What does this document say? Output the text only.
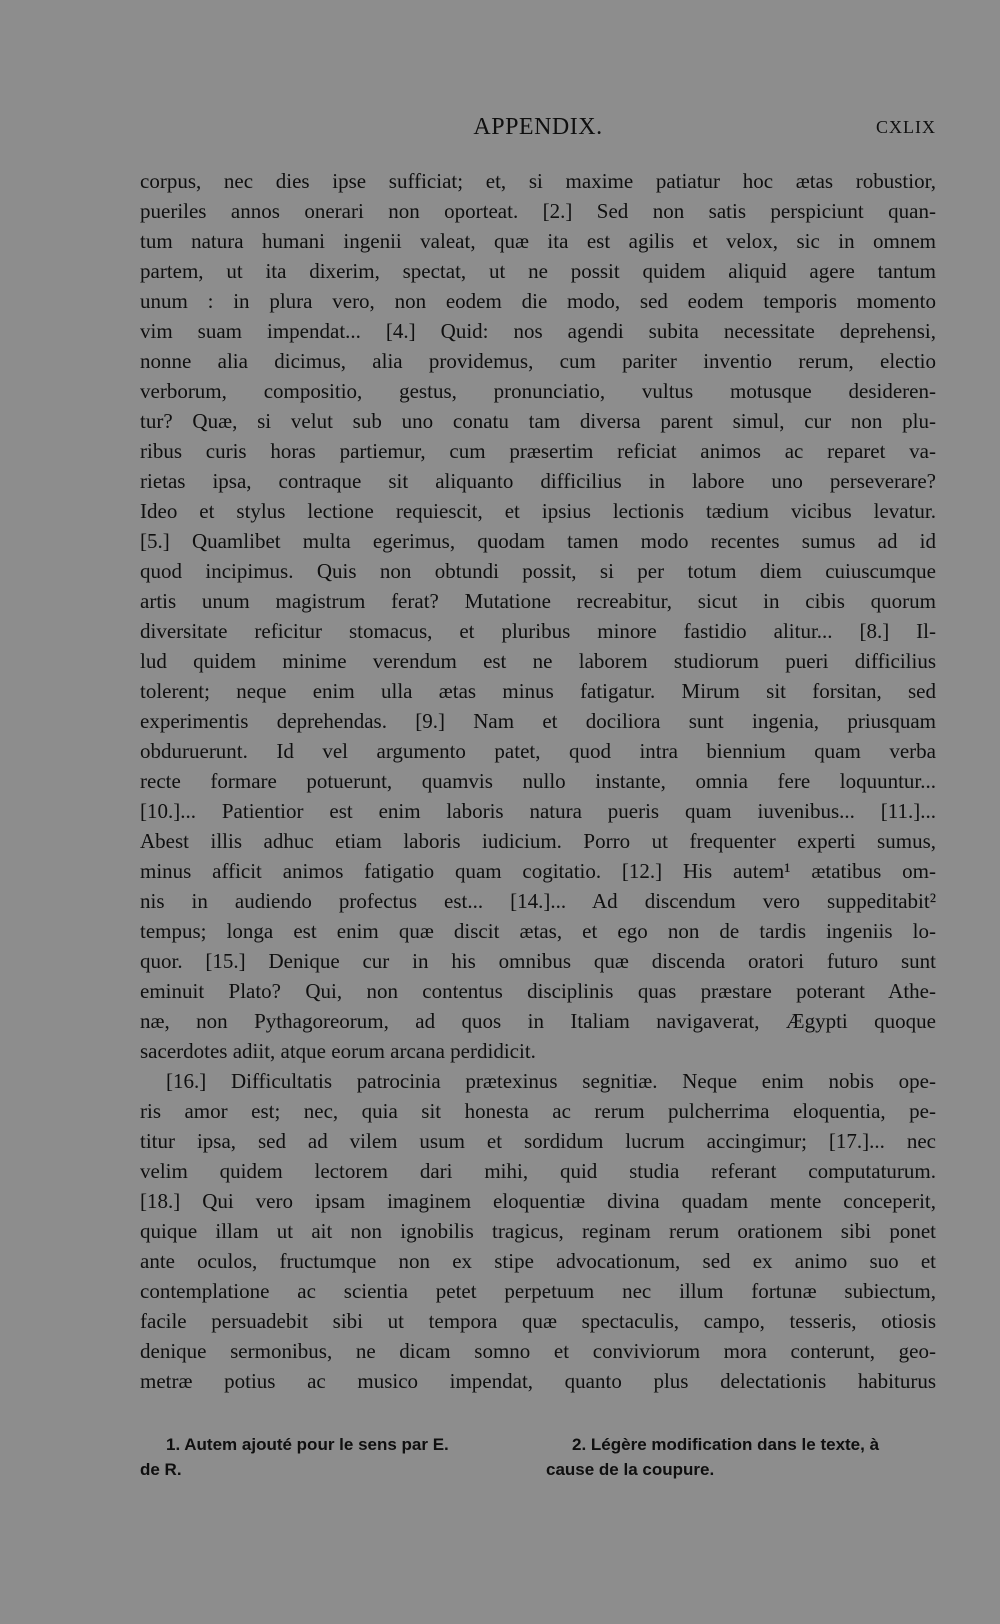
APPENDIX.	CXLIX
corpus, nec dies ipse sufficiat; et, si maxime patiatur hoc ætas robustior,
pueriles annos onerari non oporteat. [2.] Sed non satis perspiciunt quan-
tum natura humani ingenii valeat, quæ ita est agilis et velox, sic in omnem
partem, ut ita dixerim, spectat, ut ne possit quidem aliquid agere tantum
unum : in plura vero, non eodem die modo, sed eodem temporis momento
vim suam impendat... [4.] Quid: nos agendi subita necessitate deprehensi,
nonne alia dicimus, alia providemus, cum pariter inventio rerum, electio
verborum, compositio, gestus, pronunciatio, vultus motusque desideren-
tur? Quæ, si velut sub uno conatu tam diversa parent simul, cur non plu-
ribus curis horas partiemur, cum præsertim reficiat animos ac reparet va-
rietas ipsa, contraque sit aliquanto difficilius in labore uno perseverare?
Ideo et stylus lectione requiescit, et ipsius lectionis tædium vicibus levatur.
[5.] Quamlibet multa egerimus, quodam tamen modo recentes sumus ad id
quod incipimus. Quis non obtundi possit, si per totum diem cuiuscumque
artis unum magistrum ferat? Mutatione recreabitur, sicut in cibis quorum
diversitate reficitur stomacus, et pluribus minore fastidio alitur... [8.] Il-
lud quidem minime verendum est ne laborem studiorum pueri difficilius
tolerent; neque enim ulla ætas minus fatigatur. Mirum sit forsitan, sed
experimentis deprehendas. [9.] Nam et dociliora sunt ingenia, priusquam
obduruerunt. Id vel argumento patet, quod intra biennium quam verba
recte formare potuerunt, quamvis nullo instante, omnia fere loquuntur...
[10.]... Patientior est enim laboris natura pueris quam iuvenibus... [11.]...
Abest illis adhuc etiam laboris iudicium. Porro ut frequenter experti sumus,
minus afficit animos fatigatio quam cogitatio. [12.] His autem¹ ætatibus om-
nis in audiendo profectus est... [14.]... Ad discendum vero suppeditabit²
tempus; longa est enim quæ discit ætas, et ego non de tardis ingeniis lo-
quor. [15.] Denique cur in his omnibus quæ discenda oratori futuro sunt
eminuit Plato? Qui, non contentus disciplinis quas præstare poterant Athe-
næ, non Pythagoreorum, ad quos in Italiam navigaverat, Ægypti quoque
sacerdotes adiit, atque eorum arcana perdidicit.
[16.] Difficultatis patrocinia prætexinus segnitiæ. Neque enim nobis ope-
ris amor est; nec, quia sit honesta ac rerum pulcherrima eloquentia, pe-
titur ipsa, sed ad vilem usum et sordidum lucrum accingimur; [17.]... nec
velim quidem lectorem dari mihi, quid studia referant computaturum.
[18.] Qui vero ipsam imaginem eloquentiæ divina quadam mente conceperit,
quique illam ut ait non ignobilis tragicus, reginam rerum orationem sibi ponet
ante oculos, fructumque non ex stipe advocationum, sed ex animo suo et
contemplatione ac scientia petet perpetuum nec illum fortunæ subiectum,
facile persuadebit sibi ut tempora quæ spectaculis, campo, tesseris, otiosis
denique sermonibus, ne dicam somno et conviviorum mora conterunt, geo-
metræ potius ac musico impendat, quanto plus delectationis habiturus
1. Autem ajouté pour le sens par E.
de R.
2. Légère modification dans le texte, à
cause de la coupure.
